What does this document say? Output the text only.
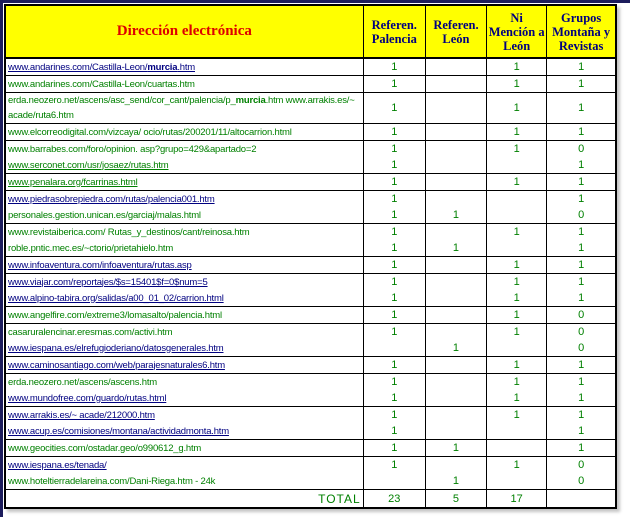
Dirección electrónica	Referen. Palencia	Referen. León	Ni Mención a León	Grupos Montaña y Revistas
www.andarines.com/Castilla-Leon/murcia.htm	1		1	1
www.andarines.com/Castilla-Leon/cuartas.htm	1		1	1
erda.neozero.net/ascens/asc_send/cor_cant/palencia/p_murcia.htm www.arrakis.es/~ acade/ruta6.htm	1		1	1
www.elcorreodigital.com/vizcaya/ ocio/rutas/200201/11/altocarrion.html	1		1	1
www.barrabes.com/foro/opinion. asp?grupo=429&apartado=2	1		1	0
www.serconet.com/usr/josaez/rutas.htm	1			1
www.penalara.org/fcarrinas.html	1		1	1
www.piedrasobrepiedra.com/rutas/palencia001.htm	1			1
personales.gestion.unican.es/garciaj/malas.html	1	1		0
www.revistaiberica.com/ Rutas_y_destinos/cant/reinosa.htm	1		1	1
roble.pntic.mec.es/~ctorio/prietahielo.htm	1	1		1
www.infoaventura.com/infoaventura/rutas.asp	1		1	1
www.viajar.com/reportajes/$s=15401$f=0$num=5	1		1	1
www.alpino-tabira.org/salidas/a00_01_02/carrion.html	1		1	1
www.angelfire.com/extreme3/lomasalto/palencia.html	1		1	0
casaruralencinar.eresmas.com/activi.htm	1		1	0
www.iespana.es/elrefugioderiano/datosgenerales.htm		1		0
www.caminosantiago.com/web/parajesnaturales6.htm	1		1	1
erda.neozero.net/ascens/ascens.htm	1		1	1
www.mundofree.com/guardo/rutas.html	1		1	1
www.arrakis.es/~ acade/212000.htm	1		1	1
www.acup.es/comisiones/montana/actividadmonta.htm	1			1
www.geocities.com/ostadar.geo/o990612_g.htm	1	1		1
www.iespana.es/tenada/	1		1	0
www.hoteltierradelareina.com/Dani-Riega.htm - 24k		1		0
TOTAL	23	5	17	
